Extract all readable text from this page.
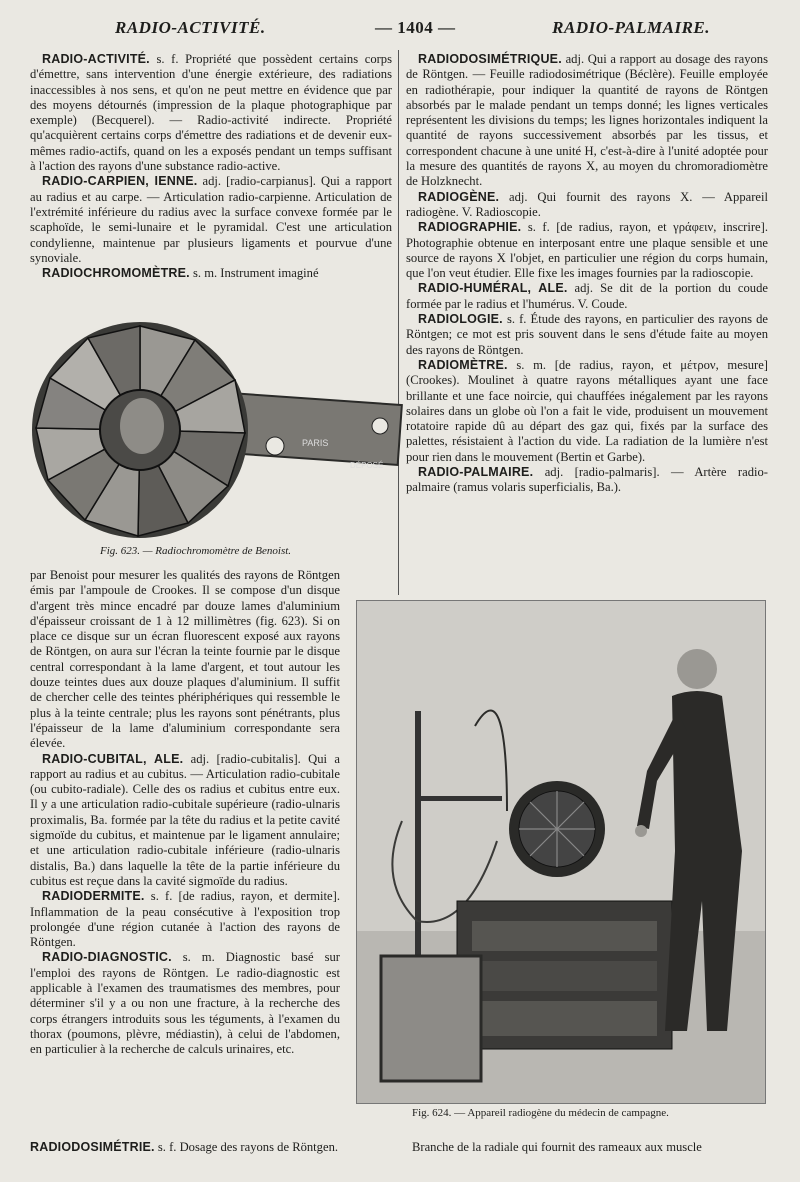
RADIO-ACTIVITÉ.	— 1404 —	RADIO-PALMAIRE.

RADIO-ACTIVITÉ. s. f. Propriété que possèdent certains corps d'émettre, sans intervention d'une énergie extérieure, des radiations inaccessibles à nos sens, et qu'on ne peut mettre en évidence que par des moyens détournés (impression de la plaque photographique par exemple) (Becquerel). — Radio-activité indirecte. Propriété qu'acquièrent certains corps d'émettre des radiations et de devenir eux-mêmes radio-actifs, quand on les a exposés pendant un temps suffisant à l'action des rayons d'une substance radio-active.

RADIO-CARPIEN, IENNE. adj. [radio-carpianus]. Qui a rapport au radius et au carpe. — Articulation radio-carpienne. Articulation de l'extrémité inférieure du radius avec la surface convexe formée par le scaphoïde, le semi-lunaire et le pyramidal. C'est une articulation condylienne, maintenue par plusieurs ligaments et pourvue d'une synoviale.

RADIOCHROMOMÈTRE. s. m. Instrument imaginé

PARIS
DÉPOSÉ
Fig. 623. — Radiochromomètre de Benoist.

par Benoist pour mesurer les qualités des rayons de Röntgen émis par l'ampoule de Crookes. Il se compose d'un disque d'argent très mince encadré par douze lames d'aluminium d'épaisseur croissant de 1 à 12 millimètres (fig. 623). Si on place ce disque sur un écran fluorescent exposé aux rayons de Röntgen, on aura sur l'écran la teinte fournie par le disque central correspondant à la lame d'argent, et tout autour les douze teintes dues aux douze plaques d'aluminium. Il suffit de chercher celle des teintes phériphériques qui ressemble le plus à la teinte centrale; plus les rayons sont pénétrants, plus l'épaisseur de la lame d'aluminium correspondante sera élevée.

RADIO-CUBITAL, ALE. adj. [radio-cubitalis]. Qui a rapport au radius et au cubitus. — Articulation radio-cubitale (ou cubito-radiale). Celle des os radius et cubitus entre eux. Il y a une articulation radio-cubitale supérieure (radio-ulnaris proximalis, Ba. formée par la tête du radius et la petite cavité sigmoïde du cubitus, et maintenue par le ligament annulaire; et une articulation radio-cubitale inférieure (radio-ulnaris distalis, Ba.) dans laquelle la tête de la partie inférieure du cubitus est reçue dans la cavité sigmoïde du radius.

RADIODERMITE. s. f. [de radius, rayon, et dermite]. Inflammation de la peau consécutive à l'exposition trop prolongée d'une région cutanée à l'action des rayons de Röntgen.

RADIO-DIAGNOSTIC. s. m. Diagnostic basé sur l'emploi des rayons de Röntgen. Le radio-diagnostic est applicable à l'examen des traumatismes des membres, pour déterminer s'il y a ou non une fracture, à la recherche des corps étrangers introduits sous les téguments, à l'examen du thorax (poumons, plèvre, médiastin), à celui de l'abdomen, en particulier à la recherche de calculs urinaires, etc.

RADIODOSIMÉTRIE. s. f. Dosage des rayons de Röntgen.

RADIODOSIMÉTRIQUE. adj. Qui a rapport au dosage des rayons de Röntgen. — Feuille radiodosimétrique (Béclère). Feuille employée en radiothérapie, pour indiquer la quantité de rayons de Röntgen absorbés par le malade pendant un temps donné; les lignes verticales représentent les divisions du temps; les lignes horizontales indiquent la quantité de rayons successivement absorbés par les tissus, et correspondent chacune à une unité H, c'est-à-dire à l'unité adoptée pour la mesure des quantités de rayons X, au moyen du chromoradiomètre de Holzknecht.

RADIOGÈNE. adj. Qui fournit des rayons X. — Appareil radiogène. V. Radioscopie.

RADIOGRAPHIE. s. f. [de radius, rayon, et γράφειν, inscrire]. Photographie obtenue en interposant entre une plaque sensible et une source de rayons X l'objet, en particulier une région du corps humain, que l'on veut étudier. Elle fixe les images fournies par la radioscopie.

RADIO-HUMÉRAL, ALE. adj. Se dit de la portion du coude formée par le radius et l'humérus. V. Coude.

RADIOLOGIE. s. f. Étude des rayons, en particulier des rayons de Röntgen; ce mot est pris souvent dans le sens d'étude faite au moyen des rayons de Röntgen.

RADIOMÈTRE. s. m. [de radius, rayon, et μέτρον, mesure] (Crookes). Moulinet à quatre rayons métalliques ayant une face brillante et une face noircie, qui chauffées inégalement par les rayons solaires dans un globe où l'on a fait le vide, produisent un mouvement rotatoire rapide dû au départ des gaz qui, fixés par la surface des palettes, résistaient à l'action du vide. La radiation de la lumière n'est pour rien dans le mouvement (Bertin et Garbe).

RADIO-PALMAIRE. adj. [radio-palmaris]. — Artère radio-palmaire (ramus volaris superficialis, Ba.).

Fig. 624. — Appareil radiogène du médecin de campagne.
Branche de la radiale qui fournit des rameaux aux muscle
